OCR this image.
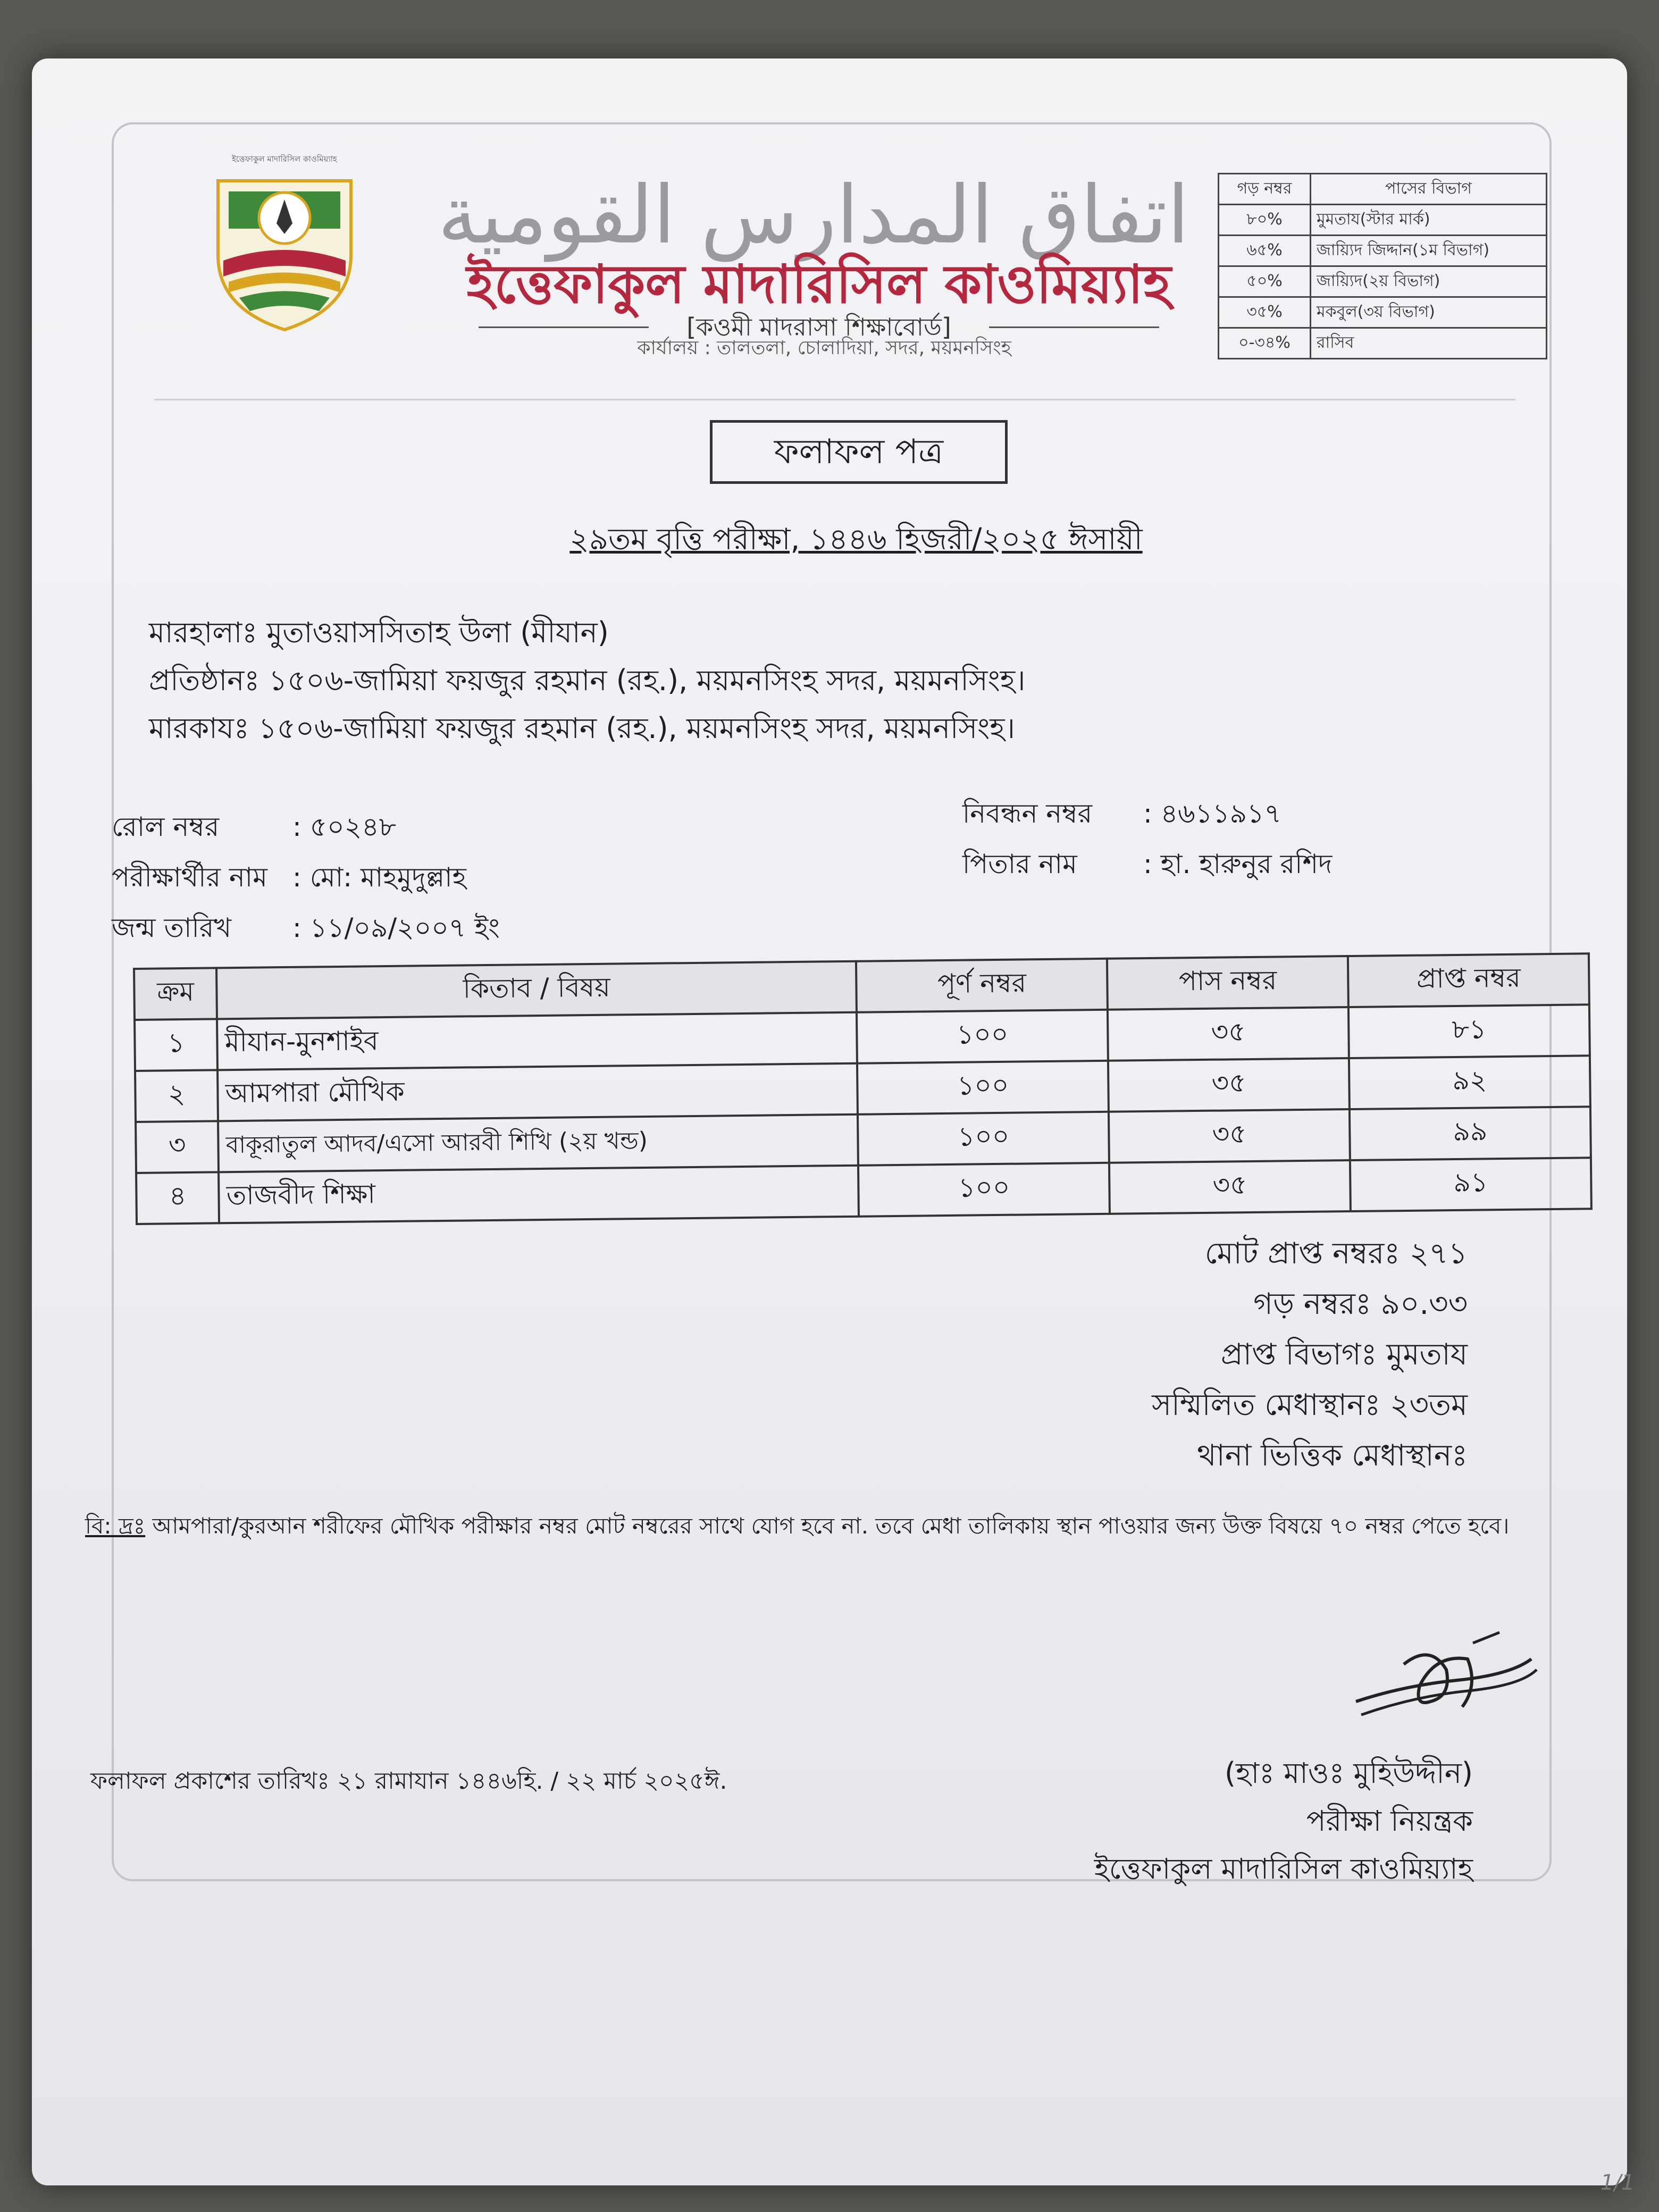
ইত্তেফাকুল মাদারিসিল কাওমিয়্যাহ
اتفاق المدارس القومية
ইত্তেফাকুল মাদারিসিল কাওমিয়্যাহ
[কওমী মাদরাসা শিক্ষাবোর্ড]
কার্যালয় : তালতলা, চোলাদিয়া, সদর, ময়মনসিংহ
গড় নম্বর	পাসের বিভাগ
৮০%	মুমতায(স্টার মার্ক)
৬৫%	জায়্যিদ জিদ্দান(১ম বিভাগ)
৫০%	জায়্যিদ(২য় বিভাগ)
৩৫%	মকবুল(৩য় বিভাগ)
০-৩৪%	রাসিব
ফলাফল পত্র
২৯তম বৃত্তি পরীক্ষা, ১৪৪৬ হিজরী/২০২৫ ঈসায়ী
মারহালাঃ মুতাওয়াসসিতাহ উলা (মীযান)
প্রতিষ্ঠানঃ ১৫০৬-জামিয়া ফয়জুর রহমান (রহ.), ময়মনসিংহ সদর, ময়মনসিংহ।
মারকাযঃ ১৫০৬-জামিয়া ফয়জুর রহমান (রহ.), ময়মনসিংহ সদর, ময়মনসিংহ।
রোল নম্বর	: ৫০২৪৮
পরীক্ষার্থীর নাম : মো: মাহমুদুল্লাহ
জন্ম তারিখ : ১১/০৯/২০০৭ ইং
নিবন্ধন নম্বর : ৪৬১১৯১৭
পিতার নাম : হা. হারুনুর রশিদ
ক্রম	কিতাব / বিষয়	পূর্ণ নম্বর	পাস নম্বর	প্রাপ্ত নম্বর
১	মীযান-মুনশাইব	১০০	৩৫	৮১
২	আমপারা মৌখিক	১০০	৩৫	৯২
৩	বাকূরাতুল আদব/এসো আরবী শিখি (২য় খন্ড)	১০০	৩৫	৯৯
৪	তাজবীদ শিক্ষা	১০০	৩৫	৯১
মোট প্রাপ্ত নম্বরঃ ২৭১
গড় নম্বরঃ ৯০.৩৩
প্রাপ্ত বিভাগঃ মুমতায
সম্মিলিত মেধাস্থানঃ ২৩তম
থানা ভিত্তিক মেধাস্থানঃ
বি: দ্রঃ আমপারা/কুরআন শরীফের মৌখিক পরীক্ষার নম্বর মোট নম্বরের সাথে যোগ হবে না. তবে মেধা তালিকায় স্থান পাওয়ার জন্য উক্ত বিষয়ে ৭০ নম্বর পেতে হবে।
ফলাফল প্রকাশের তারিখঃ ২১ রামাযান ১৪৪৬হি. / ২২ মার্চ ২০২৫ঈ.	(হাঃ মাওঃ মুহিউদ্দীন)
পরীক্ষা নিয়ন্ত্রক
ইত্তেফাকুল মাদারিসিল কাওমিয়্যাহ
1/1
